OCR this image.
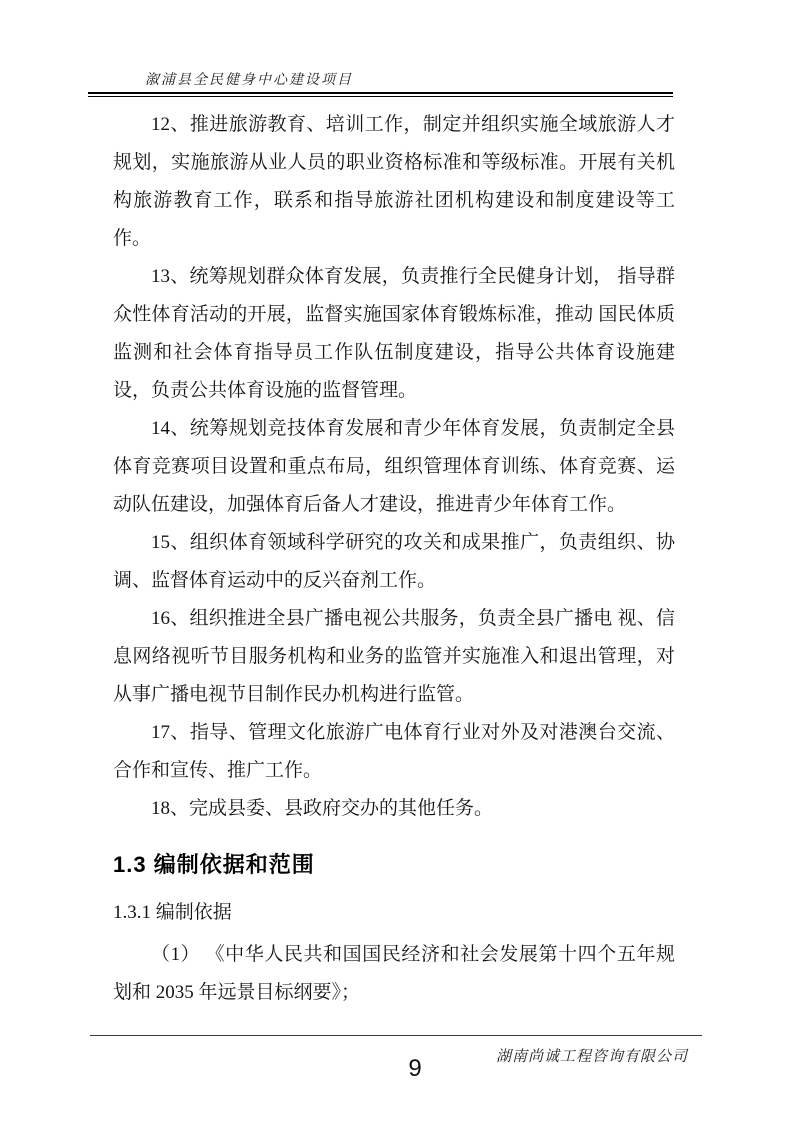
溆浦县全民健身中心建设项目

12、推进旅游教育、培训工作，制定并组织实施全域旅游人才规划，实施旅游从业人员的职业资格标准和等级标准。开展有关机构旅游教育工作，联系和指导旅游社团机构建设和制度建设等工作。

13、统筹规划群众体育发展，负责推行全民健身计划， 指导群众性体育活动的开展，监督实施国家体育锻炼标准，推动 国民体质监测和社会体育指导员工作队伍制度建设，指导公共体育设施建设，负责公共体育设施的监督管理。

14、统筹规划竞技体育发展和青少年体育发展，负责制定全县体育竞赛项目设置和重点布局，组织管理体育训练、体育竞赛、运动队伍建设，加强体育后备人才建设，推进青少年体育工作。

15、组织体育领域科学研究的攻关和成果推广，负责组织、协调、监督体育运动中的反兴奋剂工作。

16、组织推进全县广播电视公共服务，负责全县广播电 视、信息网络视听节目服务机构和业务的监管并实施准入和退出管理，对从事广播电视节目制作民办机构进行监管。

17、指导、管理文化旅游广电体育行业对外及对港澳台交流、合作和宣传、推广工作。

18、完成县委、县政府交办的其他任务。

1.3 编制依据和范围
1.3.1 编制依据

（1） 《中华人民共和国国民经济和社会发展第十四个五年规划和 2035 年远景目标纲要》；

湖南尚诚工程咨询有限公司
9
